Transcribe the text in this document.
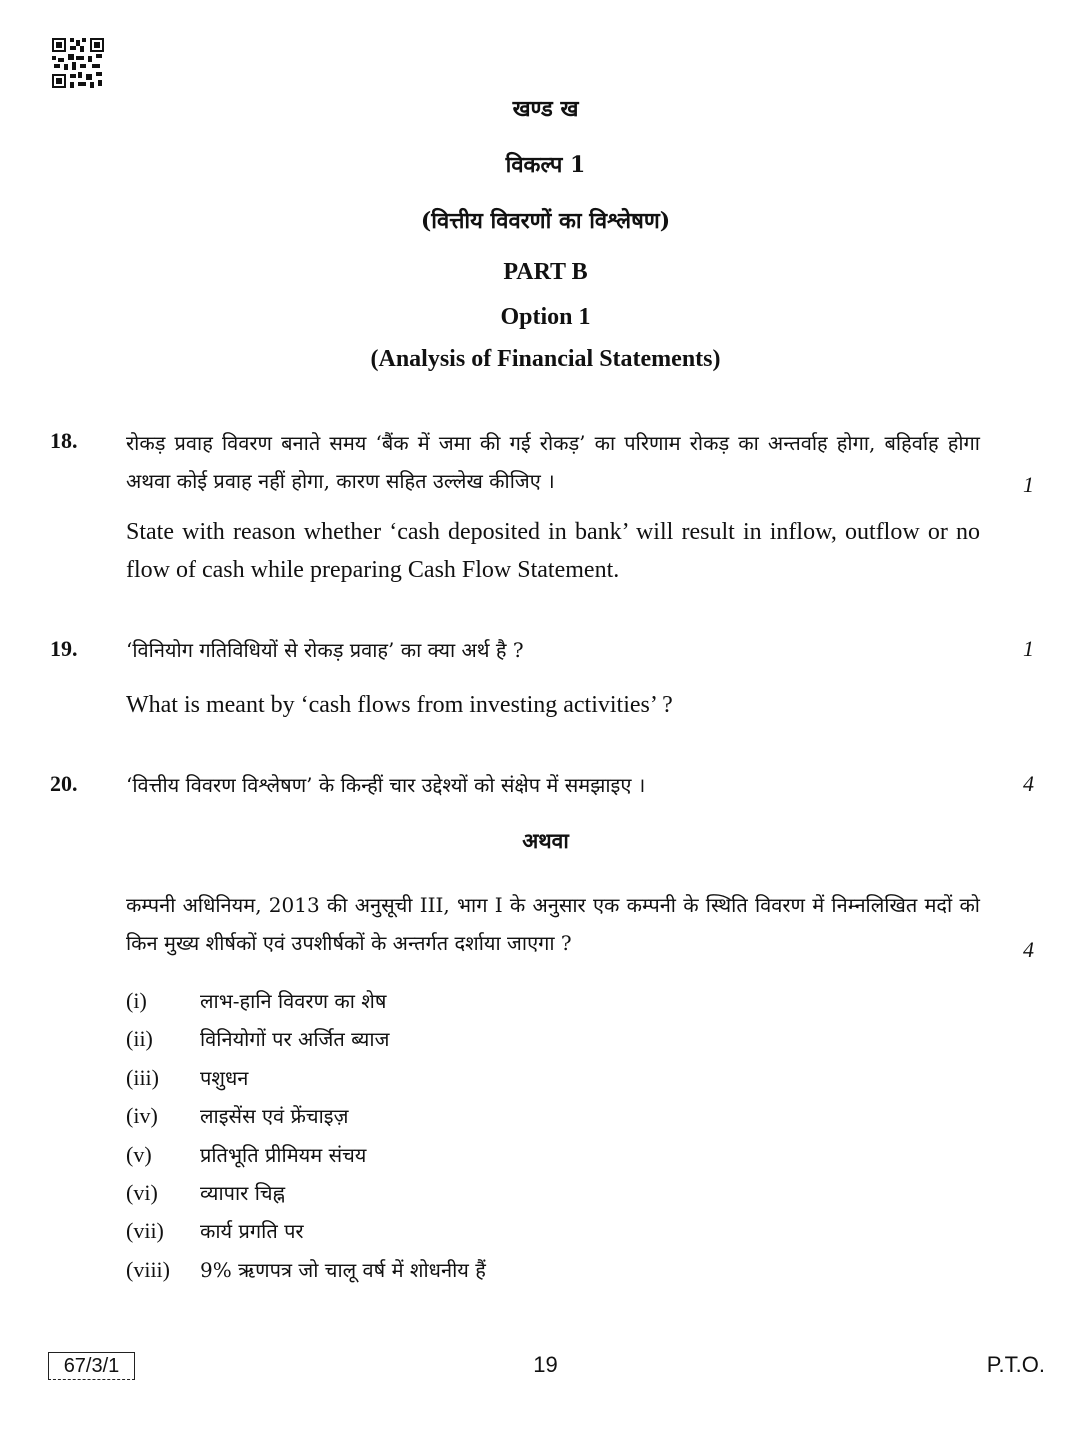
खण्ड ख
विकल्प 1
(वित्तीय विवरणों का विश्लेषण)
PART B
Option 1
(Analysis of Financial Statements)
18. रोकड़ प्रवाह विवरण बनाते समय ‘बैंक में जमा की गई रोकड़’ का परिणाम रोकड़ का अन्तर्वाह होगा, बहिर्वाह होगा अथवा कोई प्रवाह नहीं होगा, कारण सहित उल्लेख कीजिए ।	1
State with reason whether ‘cash deposited in bank’ will result in inflow, outflow or no flow of cash while preparing Cash Flow Statement.
19. ‘विनियोग गतिविधियों से रोकड़ प्रवाह’ का क्या अर्थ है ?	1
What is meant by ‘cash flows from investing activities’ ?
20. ‘वित्तीय विवरण विश्लेषण’ के किन्हीं चार उद्देश्यों को संक्षेप में समझाइए ।	4
अथवा
कम्पनी अधिनियम, 2013 की अनुसूची III, भाग I के अनुसार एक कम्पनी के स्थिति विवरण में निम्नलिखित मदों को किन मुख्य शीर्षकों एवं उपशीर्षकों के अन्तर्गत दर्शाया जाएगा ?	4
(i)	लाभ-हानि विवरण का शेष
(ii) विनियोगों पर अर्जित ब्याज
(iii) पशुधन
(iv) लाइसेंस एवं फ्रेंचाइज़
(v) प्रतिभूति प्रीमियम संचय
(vi) व्यापार चिह्न
(vii) कार्य प्रगति पर
(viii) 9% ऋणपत्र जो चालू वर्ष में शोधनीय हैं
67/3/1	19	P.T.O.
